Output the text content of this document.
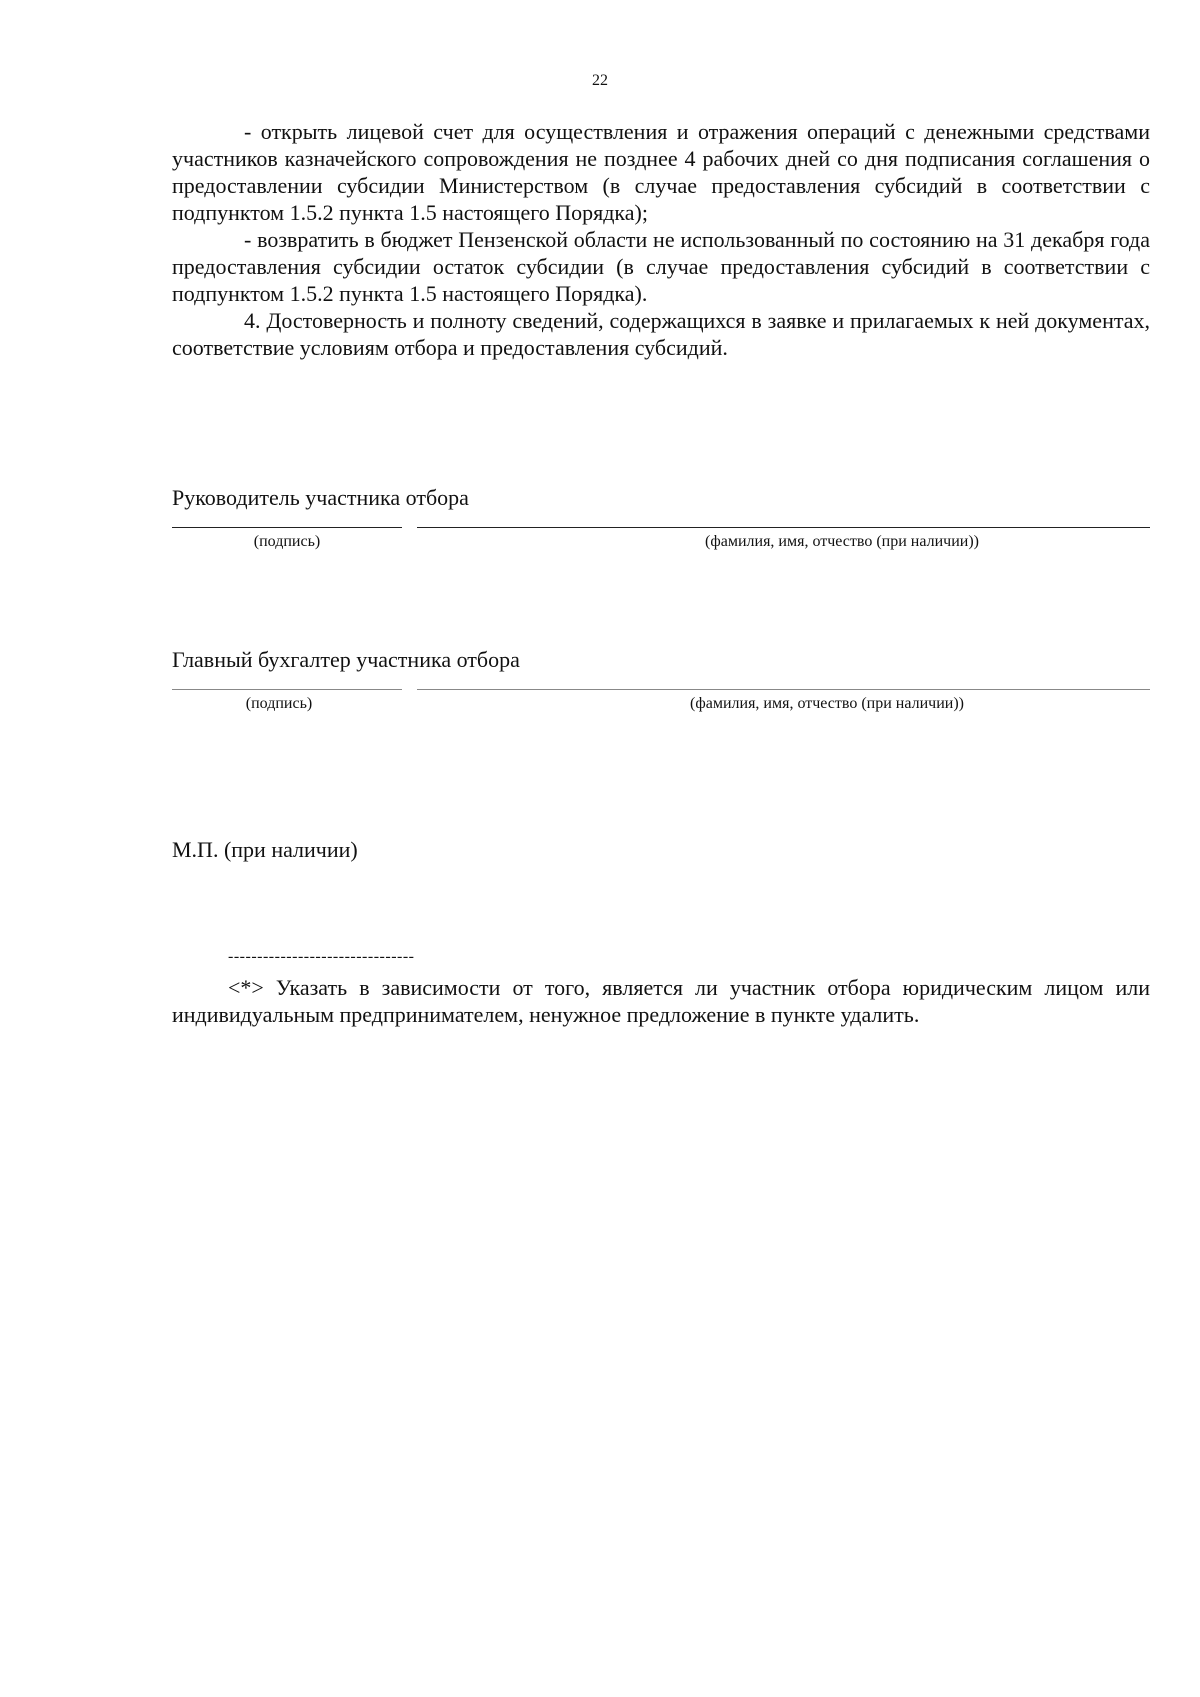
22

- открыть лицевой счет для осуществления и отражения операций с денежными средствами участников казначейского сопровождения не позднее 4 рабочих дней со дня подписания соглашения о предоставлении субсидии Министерством (в случае предоставления субсидий в соответствии с подпунктом 1.5.2 пункта 1.5 настоящего Порядка);

- возвратить в бюджет Пензенской области не использованный по состоянию на 31 декабря года предоставления субсидии остаток субсидии (в случае предоставления субсидий в соответствии с подпунктом 1.5.2 пункта 1.5 настоящего Порядка).

4. Достоверность и полноту сведений, содержащихся в заявке и прилагаемых к ней документах, соответствие условиям отбора и предоставления субсидий.

Руководитель участника отбора
(подпись)	(фамилия, имя, отчество (при наличии))
Главный бухгалтер участника отбора
(подпись)	(фамилия, имя, отчество (при наличии))
М.П. (при наличии)
--------------------------------
<*> Указать в зависимости от того, является ли участник отбора юридическим лицом или индивидуальным предпринимателем, ненужное предложение в пункте удалить.
